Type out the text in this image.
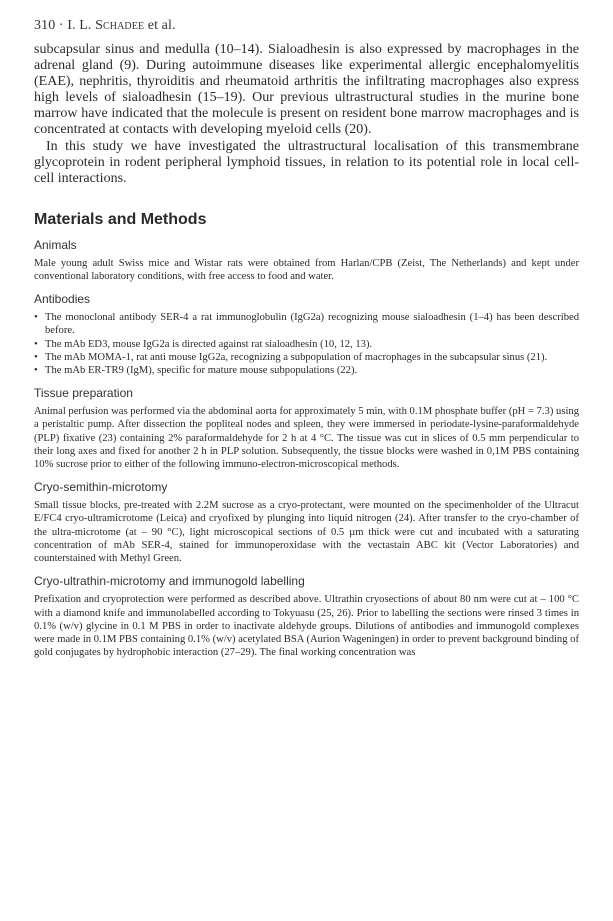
310 · I. L. Schadee et al.

subcapsular sinus and medulla (10–14). Sialoadhesin is also expressed by macrophages in the adrenal gland (9). During autoimmune diseases like experimental allergic encephalomyelitis (EAE), nephritis, thyroiditis and rheumatoid arthritis the infiltrating macrophages also express high levels of sialoadhesin (15–19). Our previous ultrastructural studies in the murine bone marrow have indicated that the molecule is present on resident bone marrow macrophages and is concentrated at contacts with developing myeloid cells (20).

In this study we have investigated the ultrastructural localisation of this transmembrane glycoprotein in rodent peripheral lymphoid tissues, in relation to its potential role in local cell-cell interactions.

Materials and Methods
Animals

Male young adult Swiss mice and Wistar rats were obtained from Harlan/CPB (Zeist, The Netherlands) and kept under conventional laboratory conditions, with free access to food and water.

Antibodies
• The monoclonal antibody SER-4 a rat immunoglobulin (IgG2a) recognizing mouse sialoadhesin (1–4) has been described before.
• The mAb ED3, mouse IgG2a is directed against rat sialoadhesin (10, 12, 13).
• The mAb MOMA-1, rat anti mouse IgG2a, recognizing a subpopulation of macrophages in the subcapsular sinus (21).
• The mAb ER-TR9 (IgM), specific for mature mouse subpopulations (22).
Tissue preparation

Animal perfusion was performed via the abdominal aorta for approximately 5 min, with 0.1M phosphate buffer (pH = 7.3) using a peristaltic pump. After dissection the popliteal nodes and spleen, they were immersed in periodate-lysine-paraformaldehyde (PLP) fixative (23) containing 2% paraformaldehyde for 2 h at 4 °C. The tissue was cut in slices of 0.5 mm perpendicular to their long axes and fixed for another 2 h in PLP solution. Subsequently, the tissue blocks were washed in 0,1M PBS containing 10% sucrose prior to either of the following immuno-electron-microscopical methods.

Cryo-semithin-microtomy

Small tissue blocks, pre-treated with 2.2M sucrose as a cryo-protectant, were mounted on the specimenholder of the Ultracut E/FC4 cryo-ultramicrotome (Leica) and cryofixed by plunging into liquid nitrogen (24). After transfer to the cryo-chamber of the ultra-microtome (at – 90 °C), light microscopical sections of 0.5 µm thick were cut and incubated with a saturating concentration of mAb SER-4, stained for immunoperoxidase with the vectastain ABC kit (Vector Laboratories) and counterstained with Methyl Green.

Cryo-ultrathin-microtomy and immunogold labelling

Prefixation and cryoprotection were performed as described above. Ultrathin cryosections of about 80 nm were cut at – 100 °C with a diamond knife and immunolabelled according to Tokyuasu (25, 26). Prior to labelling the sections were rinsed 3 times in 0.1% (w/v) glycine in 0.1 M PBS in order to inactivate aldehyde groups. Dilutions of antibodies and immunogold complexes were made in 0.1M PBS containing 0.1% (w/v) acetylated BSA (Aurion Wageningen) in order to prevent background binding of gold conjugates by hydrophobic interaction (27–29). The final working concentration was
